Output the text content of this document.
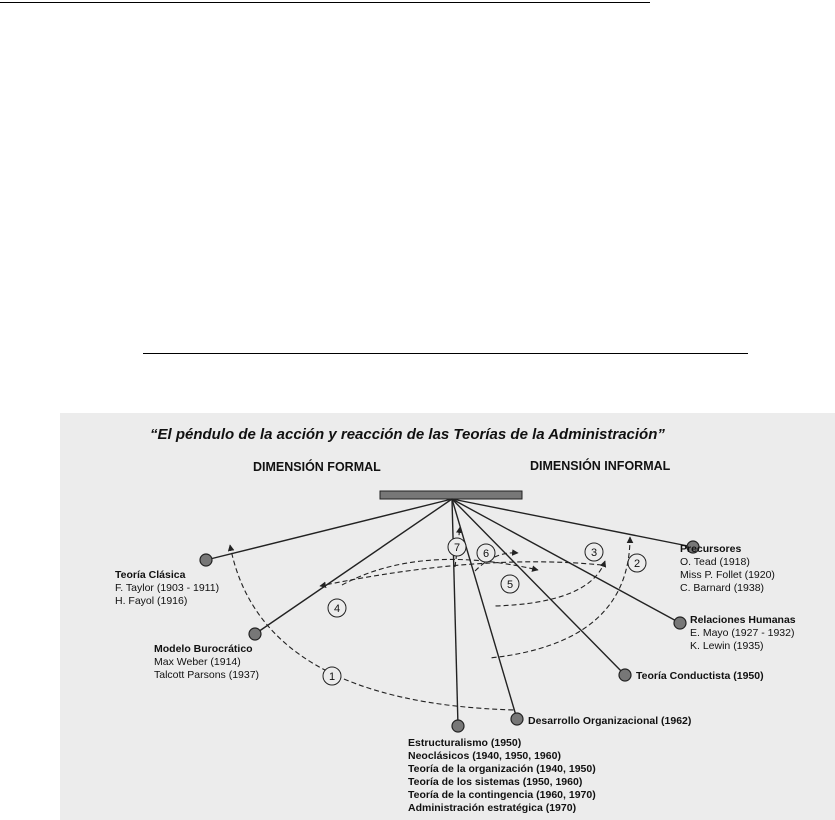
“El péndulo de la acción y reacción de las Teorías de la Administración”
DIMENSIÓN FORMAL	DIMENSIÓN INFORMAL
1
2
3
4
5
6
7
Teoría Clásica
F. Taylor (1903 - 1911)
H. Fayol (1916)
Modelo Burocrático
Max Weber (1914)
Talcott Parsons (1937)
Estructuralismo (1950)
Neoclásicos (1940, 1950, 1960)
Teoría de la organización (1940, 1950)
Teoría de los sistemas (1950, 1960)
Teoría de la contingencia (1960, 1970)
Administración estratégica (1970)
Desarrollo Organizacional (1962)
Teoría Conductista (1950)
Relaciones Humanas
E. Mayo (1927 - 1932)
K. Lewin (1935)
Precursores
O. Tead (1918)
Miss P. Follet (1920)
C. Barnard (1938)
